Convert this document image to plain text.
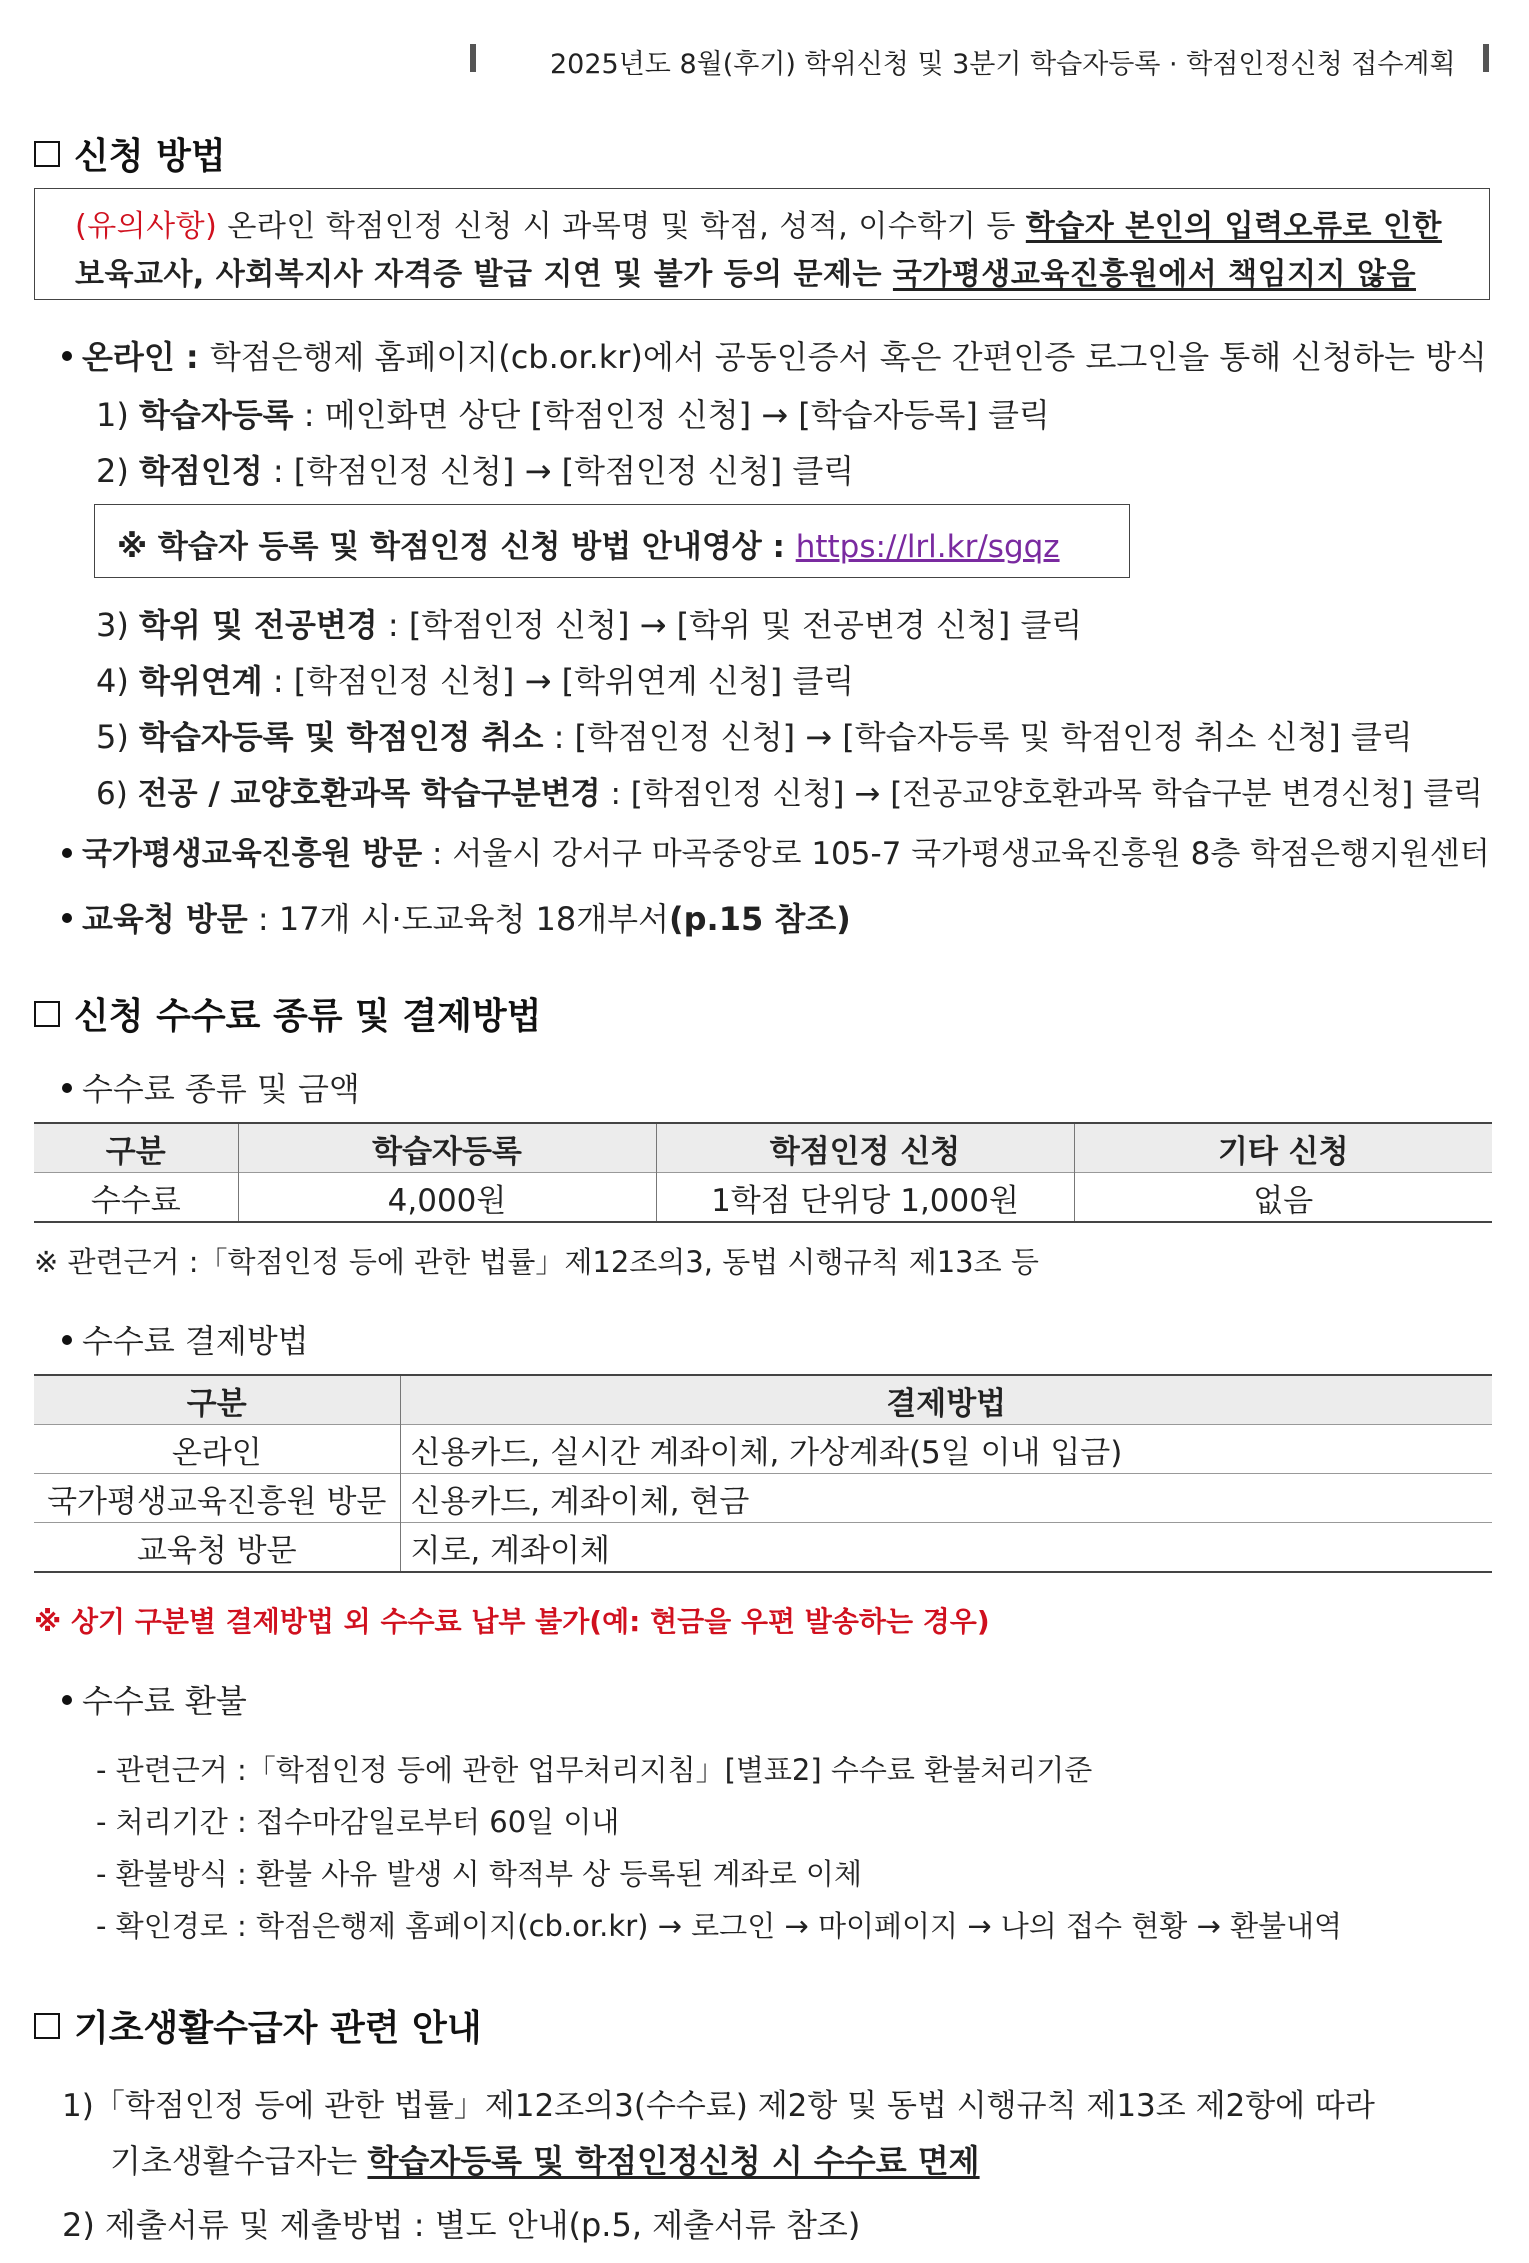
2025년도 8월(후기) 학위신청 및 3분기 학습자등록 · 학점인정신청 접수계획
신청 방법
(유의사항) 온라인 학점인정 신청 시 과목명 및 학점, 성적, 이수학기 등 학습자 본인의 입력오류로 인한
보육교사, 사회복지사 자격증 발급 지연 및 불가 등의 문제는 국가평생교육진흥원에서 책임지지 않음
온라인 : 학점은행제 홈페이지(cb.or.kr)에서 공동인증서 혹은 간편인증 로그인을 통해 신청하는 방식
1) 학습자등록 : 메인화면 상단 [학점인정 신청] → [학습자등록] 클릭
2) 학점인정 : [학점인정 신청] → [학점인정 신청] 클릭
※ 학습자 등록 및 학점인정 신청 방법 안내영상 : https://lrl.kr/sgqz
3) 학위 및 전공변경 : [학점인정 신청] → [학위 및 전공변경 신청] 클릭
4) 학위연계 : [학점인정 신청] → [학위연계 신청] 클릭
5) 학습자등록 및 학점인정 취소 : [학점인정 신청] → [학습자등록 및 학점인정 취소 신청] 클릭
6) 전공 / 교양호환과목 학습구분변경 : [학점인정 신청] → [전공교양호환과목 학습구분 변경신청] 클릭
국가평생교육진흥원 방문 : 서울시 강서구 마곡중앙로 105-7 국가평생교육진흥원 8층 학점은행지원센터
교육청 방문 : 17개 시·도교육청 18개부서(p.15 참조)
신청 수수료 종류 및 결제방법
수수료 종류 및 금액
구분	학습자등록	학점인정 신청	기타 신청
수수료	4,000원	1학점 단위당 1,000원	없음
※ 관련근거 :「학점인정 등에 관한 법률」제12조의3, 동법 시행규칙 제13조 등
수수료 결제방법
구분	결제방법
온라인	신용카드, 실시간 계좌이체, 가상계좌(5일 이내 입금)
국가평생교육진흥원 방문	신용카드, 계좌이체, 현금
교육청 방문	지로, 계좌이체
※ 상기 구분별 결제방법 외 수수료 납부 불가(예: 현금을 우편 발송하는 경우)
수수료 환불
- 관련근거 :「학점인정 등에 관한 업무처리지침」[별표2] 수수료 환불처리기준
- 처리기간 : 접수마감일로부터 60일 이내
- 환불방식 : 환불 사유 발생 시 학적부 상 등록된 계좌로 이체
- 확인경로 : 학점은행제 홈페이지(cb.or.kr) → 로그인 → 마이페이지 → 나의 접수 현황 → 환불내역
기초생활수급자 관련 안내
1)「학점인정 등에 관한 법률」제12조의3(수수료) 제2항 및 동법 시행규칙 제13조 제2항에 따라
기초생활수급자는 학습자등록 및 학점인정신청 시 수수료 면제
2) 제출서류 및 제출방법 : 별도 안내(p.5, 제출서류 참조)
